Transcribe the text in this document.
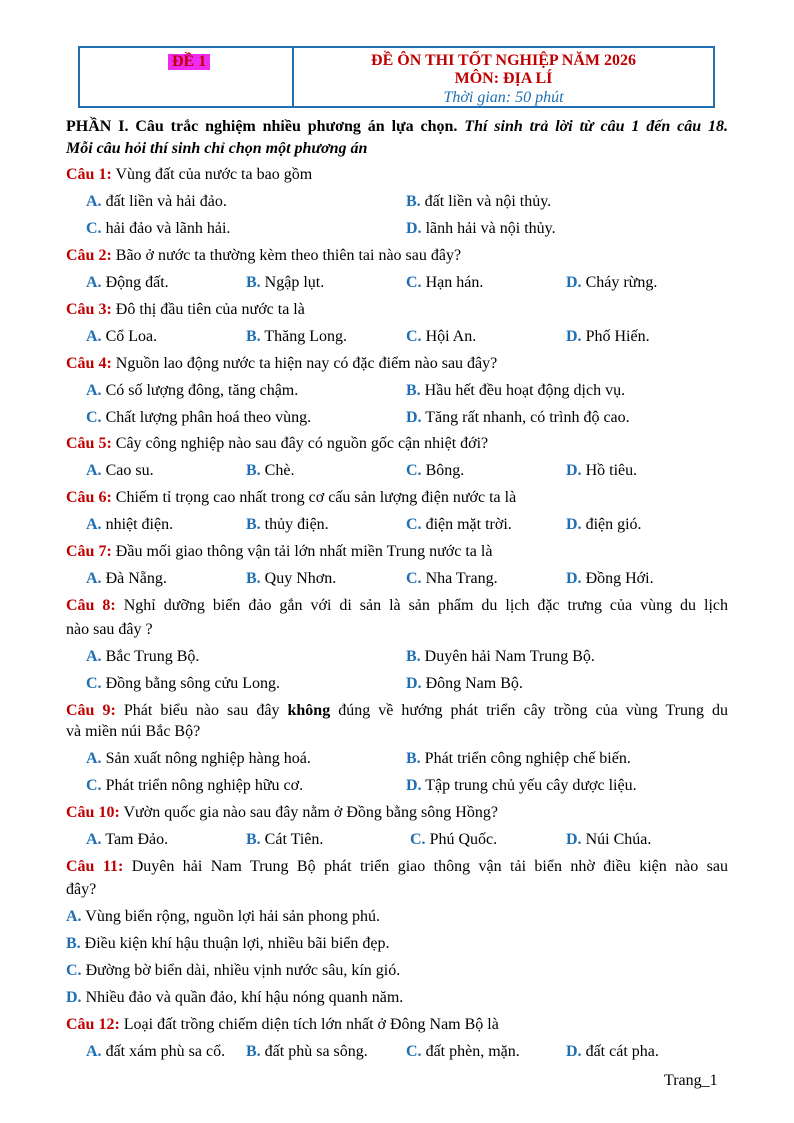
ĐỀ 1	ĐỀ ÔN THI TỐT NGHIỆP NĂM 2026
MÔN: ĐỊA LÍ
Thời gian: 50 phút
PHẦN I. Câu trắc nghiệm nhiều phương án lựa chọn. Thí sinh trả lời từ câu 1 đến câu 18.
Mỗi câu hỏi thí sinh chỉ chọn một phương án
Câu 1: Vùng đất của nước ta bao gồm
A. đất liền và hải đảo.	B. đất liền và nội thủy.
C. hải đảo và lãnh hải.	D. lãnh hải và nội thủy.
Câu 2: Bão ở nước ta thường kèm theo thiên tai nào sau đây?
A. Động đất.	B. Ngập lụt.	C. Hạn hán.	D. Cháy rừng.
Câu 3: Đô thị đầu tiên của nước ta là
A. Cổ Loa.	B. Thăng Long.	C. Hội An.	D. Phố Hiến.
Câu 4: Nguồn lao động nước ta hiện nay có đặc điểm nào sau đây?
A. Có số lượng đông, tăng chậm.	B. Hầu hết đều hoạt động dịch vụ.
C. Chất lượng phân hoá theo vùng.	D. Tăng rất nhanh, có trình độ cao.
Câu 5: Cây công nghiệp nào sau đây có nguồn gốc cận nhiệt đới?
A. Cao su.	B. Chè.	C. Bông.	D. Hồ tiêu.
Câu 6: Chiếm tỉ trọng cao nhất trong cơ cấu sản lượng điện nước ta là
A. nhiệt điện.	B. thủy điện.	C. điện mặt trời.	D. điện gió.
Câu 7: Đầu mối giao thông vận tải lớn nhất miền Trung nước ta là
A. Đà Nẵng.	B. Quy Nhơn.	C. Nha Trang.	D. Đồng Hới.
Câu 8: Nghỉ dưỡng biển đảo gắn với di sản là sản phẩm du lịch đặc trưng của vùng du lịch
nào sau đây ?
A. Bắc Trung Bộ.	B. Duyên hải Nam Trung Bộ.
C. Đồng bằng sông cửu Long.	D. Đông Nam Bộ.
Câu 9: Phát biểu nào sau đây không đúng về hướng phát triển cây trồng của vùng Trung du
và miền núi Bắc Bộ?
A. Sản xuất nông nghiệp hàng hoá.	B. Phát triển công nghiệp chế biến.
C. Phát triển nông nghiệp hữu cơ.	D. Tập trung chủ yếu cây dược liệu.
Câu 10: Vườn quốc gia nào sau đây nằm ở Đồng bằng sông Hồng?
A. Tam Đảo.	B. Cát Tiên.	C. Phú Quốc.	D. Núi Chúa.
Câu 11: Duyên hải Nam Trung Bộ phát triển giao thông vận tải biển nhờ điều kiện nào sau
đây?
A. Vùng biển rộng, nguồn lợi hải sản phong phú.
B. Điều kiện khí hậu thuận lợi, nhiều bãi biển đẹp.
C. Đường bờ biển dài, nhiều vịnh nước sâu, kín gió.
D. Nhiều đảo và quần đảo, khí hậu nóng quanh năm.
Câu 12: Loại đất trồng chiếm diện tích lớn nhất ở Đông Nam Bộ là
A. đất xám phù sa cổ. B. đất phù sa sông. C. đất phèn, mặn.	D. đất cát pha.
Trang_1
